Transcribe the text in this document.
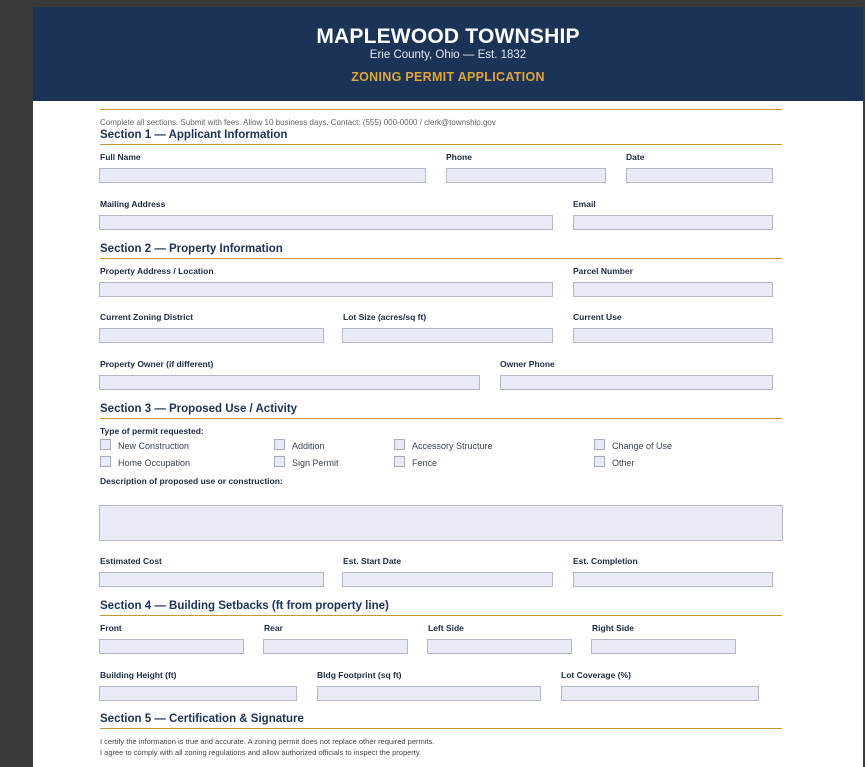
MAPLEWOOD TOWNSHIP
Erie County, Ohio — Est. 1832
ZONING PERMIT APPLICATION
Complete all sections. Submit with fees. Allow 10 business days. Contact: (555) 000-0000 / clerk@township.gov
Section 1 — Applicant Information
Full Name	Phone	Date
Mailing Address	Email
Section 2 — Property Information
Property Address / Location	Parcel Number
Current Zoning District	Lot Size (acres/sq ft)	Current Use
Property Owner (if different)	Owner Phone
Section 3 — Proposed Use / Activity
Type of permit requested:
New Construction	Addition	Accessory Structure	Change of Use
Home Occupation	Sign Permit	Fence	Other
Description of proposed use or construction:
Estimated Cost	Est. Start Date	Est. Completion
Section 4 — Building Setbacks (ft from property line)
Front	Rear	Left Side	Right Side
Building Height (ft)	Bldg Footprint (sq ft)	Lot Coverage (%)
Section 5 — Certification & Signature
I certify the information is true and accurate. A zoning permit does not replace other required permits.
I agree to comply with all zoning regulations and allow authorized officials to inspect the property.
